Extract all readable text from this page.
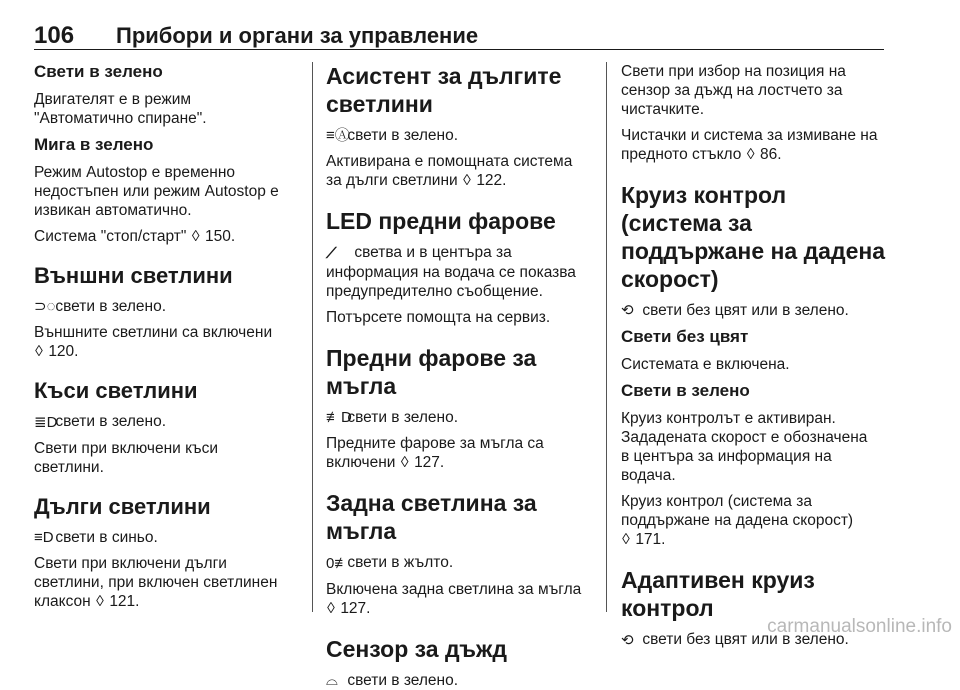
106 Прибори и органи за управление
Свети в зелено
Двигателят е в режим
"Автоматично спиране".
Мига в зелено
Режим Autostop е временно
недостъпен или режим Autostop е
извикан автоматично.
Система "стоп/старт" ◊ 150.
Външни светлини
⊃◌ свети в зелено.
Външните светлини са включени
◊ 120.
Къси светлини
≣D свети в зелено.
Свети при включени къси
светлини.
Дълги светлини
≡D свети в синьо.
Свети при включени дълги
светлини, при включен светлинен
клаксон ◊ 121.
Асистент за дългите
светлини
≡Ⓐ свети в зелено.
Активирана е помощната система
за дълги светлини ◊ 122.
LED предни фарове
⟋ светва и в центъра за
информация на водача се показва
предупредително съобщение.
Потърсете помощта на сервиз.
Предни фарове за мъгла
≢D свети в зелено.
Предните фарове за мъгла са
включени ◊ 127.
Задна светлина за мъгла
0≢ свети в жълто.
Включена задна светлина за мъгла
◊ 127.
Сензор за дъжд
⌓ свети в зелено.
Свети при избор на позиция на
сензор за дъжд на лостчето за
чистачките.
Чистачки и система за измиване на
предното стъкло ◊ 86.
Круиз контрол (система за
поддържане на дадена
скорост)
⟲ свети без цвят или в зелено.
Свети без цвят
Системата е включена.
Свети в зелено
Круиз контролът е активиран.
Зададената скорост е обозначена
в центъра за информация на
водача.
Круиз контрол (система за
поддържане на дадена скорост)
◊ 171.
Адаптивен круиз контрол
⟲ свети без цвят или в зелено.
carmanualsonline.info
